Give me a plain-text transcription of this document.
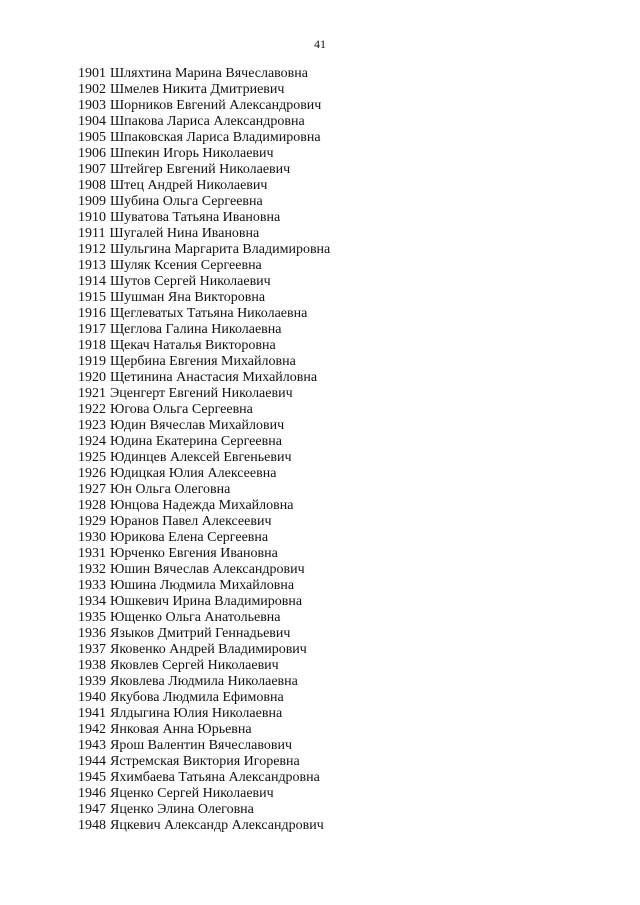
41
1901 Шляхтина Марина Вячеславовна
1902 Шмелев Никита Дмитриевич
1903 Шорников Евгений Александрович
1904 Шпакова Лариса Александровна
1905 Шпаковская Лариса Владимировна
1906 Шпекин Игорь Николаевич
1907 Штейгер Евгений Николаевич
1908 Штец Андрей Николаевич
1909 Шубина Ольга Сергеевна
1910 Шуватова Татьяна Ивановна
1911 Шугалей Нина Ивановна
1912 Шульгина Маргарита Владимировна
1913 Шуляк Ксения Сергеевна
1914 Шутов Сергей Николаевич
1915 Шушман Яна Викторовна
1916 Щеглеватых Татьяна Николаевна
1917 Щеглова Галина Николаевна
1918 Щекач Наталья Викторовна
1919 Щербина Евгения Михайловна
1920 Щетинина Анастасия Михайловна
1921 Эценгерт Евгений Николаевич
1922 Югова Ольга Сергеевна
1923 Юдин Вячеслав Михайлович
1924 Юдина Екатерина Сергеевна
1925 Юдинцев Алексей Евгеньевич
1926 Юдицкая Юлия Алексеевна
1927 Юн Ольга Олеговна
1928 Юнцова Надежда Михайловна
1929 Юранов Павел Алексеевич
1930 Юрикова Елена Сергеевна
1931 Юрченко Евгения Ивановна
1932 Юшин Вячеслав Александрович
1933 Юшина Людмила Михайловна
1934 Юшкевич Ирина Владимировна
1935 Ющенко Ольга Анатольевна
1936 Языков Дмитрий Геннадьевич
1937 Яковенко Андрей Владимирович
1938 Яковлев Сергей Николаевич
1939 Яковлева Людмила Николаевна
1940 Якубова Людмила Ефимовна
1941 Ялдыгина Юлия Николаевна
1942 Янковая Анна Юрьевна
1943 Ярош Валентин Вячеславович
1944 Ястремская Виктория Игоревна
1945 Яхимбаева Татьяна Александровна
1946 Яценко Сергей Николаевич
1947 Яценко Элина Олеговна
1948 Яцкевич Александр Александрович
